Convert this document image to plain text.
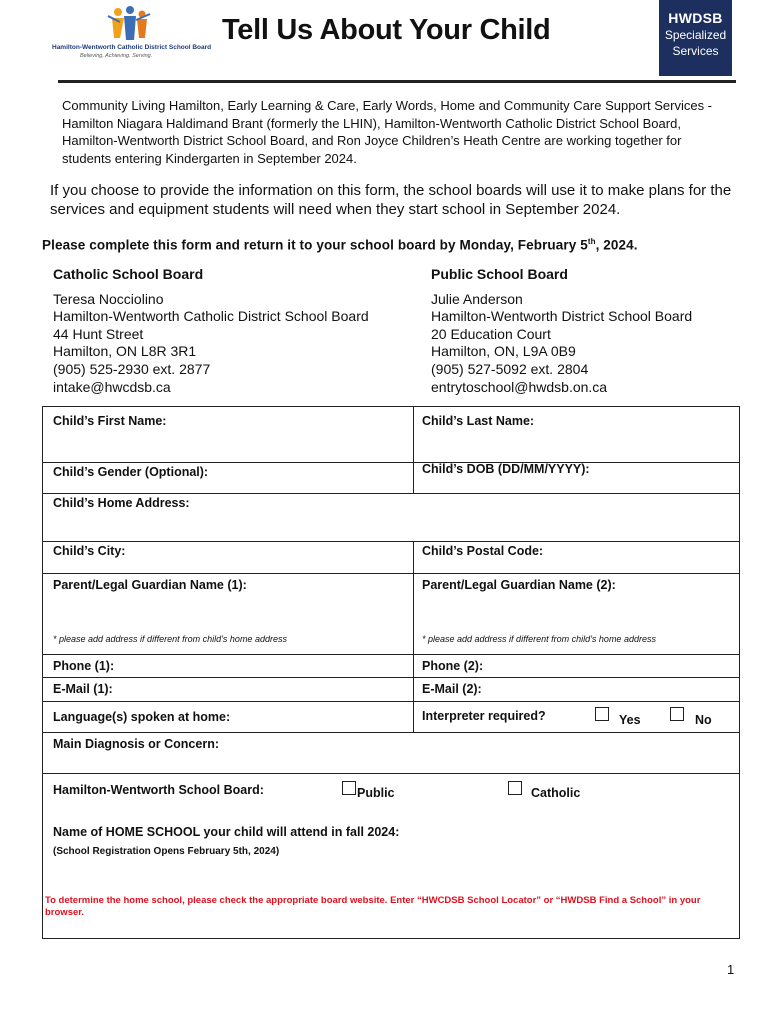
Hamilton-Wentworth Catholic District School Board
Believing. Achieving. Serving.
Tell Us About Your Child	HWDSB
Specialized
Services
Community Living Hamilton, Early Learning & Care, Early Words, Home and Community Care Support Services - Hamilton Niagara Haldimand Brant (formerly the LHIN), Hamilton-Wentworth Catholic District School Board, Hamilton-Wentworth District School Board, and Ron Joyce Children’s Heath Centre are working together for students entering Kindergarten in September 2024.
If you choose to provide the information on this form, the school boards will use it to make plans for the services and equipment students will need when they start school in September 2024.
Please complete this form and return it to your school board by Monday, February 5th, 2024.
Catholic School Board
Teresa Nocciolino
Hamilton-Wentworth Catholic District School Board
44 Hunt Street
Hamilton, ON L8R 3R1
(905) 525-2930 ext. 2877
intake@hwcdsb.ca
Public School Board
Julie Anderson
Hamilton-Wentworth District School Board
20 Education Court
Hamilton, ON, L9A 0B9
(905) 527-5092 ext. 2804
entrytoschool@hwdsb.on.ca
Child’s First Name:	Child’s Last Name:
Child’s Gender (Optional):	Child’s DOB (DD/MM/YYYY):
Child’s Home Address:
Child’s City:	Child’s Postal Code:
Parent/Legal Guardian Name (1):	Parent/Legal Guardian Name (2):
* please add address if different from child’s home address	* please add address if different from child’s home address
Phone (1):	Phone (2):
E-Mail (1):	E-Mail (2):
Language(s) spoken at home:	Interpreter required?	Yes	No
Main Diagnosis or Concern:
Hamilton-Wentworth School Board:	Public	Catholic
Name of HOME SCHOOL your child will attend in fall 2024:
(School Registration Opens February 5th, 2024)
To determine the home school, please check the appropriate board website. Enter “HWCDSB School Locator” or “HWDSB Find a School” in your browser.
1
